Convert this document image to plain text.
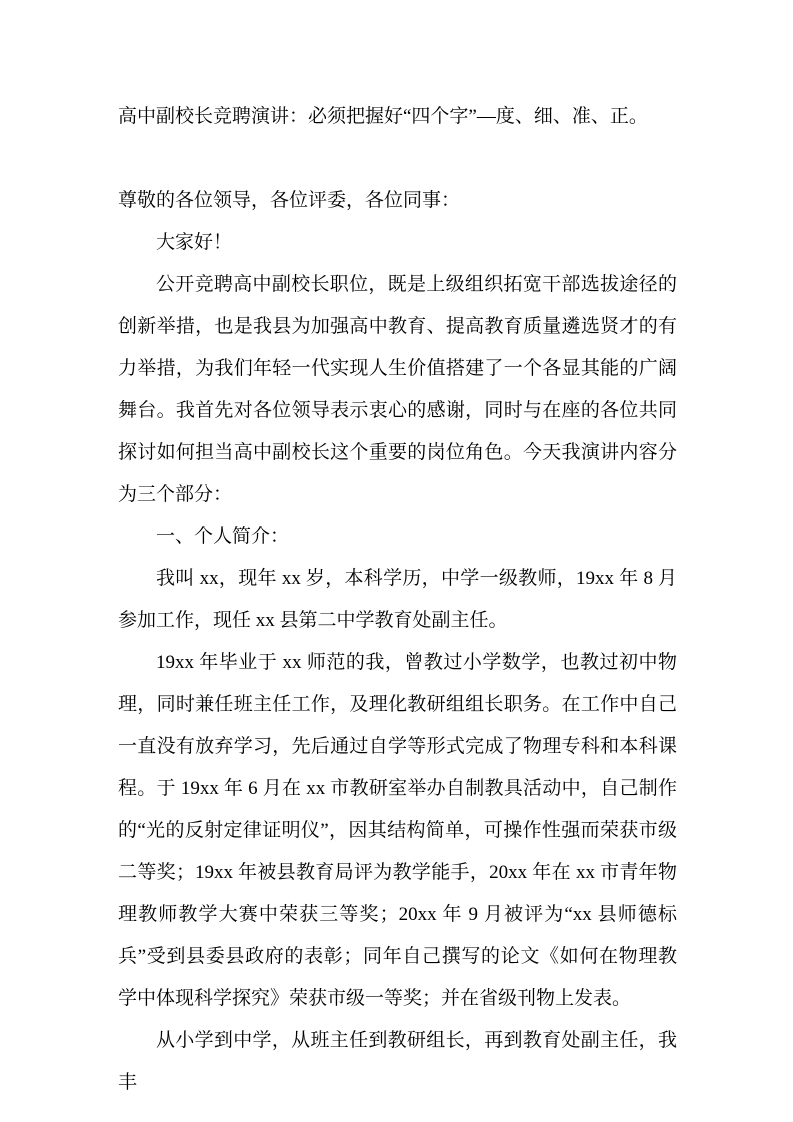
高中副校长竞聘演讲：必须把握好“四个字”—度、细、准、正。

尊敬的各位领导，各位评委，各位同事：

大家好！

公开竞聘高中副校长职位，既是上级组织拓宽干部选拔途径的创新举措，也是我县为加强高中教育、提高教育质量遴选贤才的有力举措，为我们年轻一代实现人生价值搭建了一个各显其能的广阔舞台。我首先对各位领导表示衷心的感谢，同时与在座的各位共同探讨如何担当高中副校长这个重要的岗位角色。今天我演讲内容分为三个部分：

一、个人简介：

我叫 xx，现年 xx 岁，本科学历，中学一级教师，19xx 年 8 月参加工作，现任 xx 县第二中学教育处副主任。

19xx 年毕业于 xx 师范的我，曾教过小学数学，也教过初中物理，同时兼任班主任工作，及理化教研组组长职务。在工作中自己一直没有放弃学习，先后通过自学等形式完成了物理专科和本科课程。于 19xx 年 6 月在 xx 市教研室举办自制教具活动中，自己制作的“光的反射定律证明仪”，因其结构简单，可操作性强而荣获市级二等奖；19xx 年被县教育局评为教学能手，20xx 年在 xx 市青年物理教师教学大赛中荣获三等奖；20xx 年 9 月被评为“xx 县师德标兵”受到县委县政府的表彰；同年自己撰写的论文《如何在物理教学中体现科学探究》荣获市级一等奖；并在省级刊物上发表。

从小学到中学，从班主任到教研组长，再到教育处副主任，我丰
